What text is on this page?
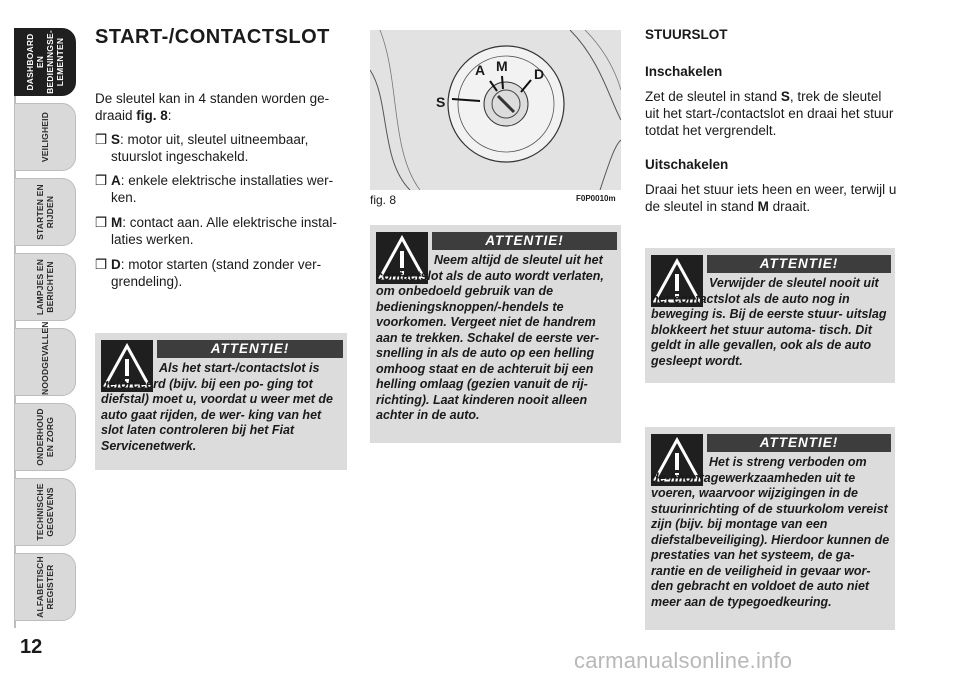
DASHBOARD EN BEDIENINGSE- LEMENTEN
VEILIGHEID
STARTEN EN RIJDEN
LAMPJES EN BERICHTEN
NOODGEVALLEN
ONDERHOUD EN ZORG
TECHNISCHE GEGEVENS
ALFABETISCH REGISTER
12
START-/CONTACTSLOT
De sleutel kan in 4 standen worden ge- draaid fig. 8:
❒ S: motor uit, sleutel uitneembaar, stuurslot ingeschakeld.
❒ A: enkele elektrische installaties wer- ken.
❒ M: contact aan. Alle elektrische instal- laties werken.
❒ D: motor starten (stand zonder ver- grendeling).
ATTENTIE!
Als het start-/contactslot is geforceerd (bijv. bij een po- ging tot diefstal) moet u, voordat u weer met de auto gaat rijden, de wer- king van het slot laten controleren bij het Fiat Servicenetwerk.
S
A M D
fig. 8	F0P0010m
ATTENTIE!
Neem altijd de sleutel uit het contactslot als de auto wordt verlaten, om onbedoeld gebruik van de bedieningsknoppen/-hendels te voorkomen. Vergeet niet de handrem aan te trekken. Schakel de eerste ver- snelling in als de auto op een helling omhoog staat en de achteruit bij een helling omlaag (gezien vanuit de rij- richting). Laat kinderen nooit alleen achter in de auto.
STUURSLOT
Inschakelen
Zet de sleutel in stand S, trek de sleutel uit het start-/contactslot en draai het stuur totdat het vergrendelt.
Uitschakelen
Draai het stuur iets heen en weer, terwijl u de sleutel in stand M draait.
ATTENTIE!
Verwijder de sleutel nooit uit het contactslot als de auto nog in beweging is. Bij de eerste stuur- uitslag blokkeert het stuur automa- tisch. Dit geldt in alle gevallen, ook als de auto gesleept wordt.
ATTENTIE!
Het is streng verboden om de-/montagewerkzaamheden uit te voeren, waarvoor wijzigingen in de stuurinrichting of de stuurkolom vereist zijn (bijv. bij montage van een diefstalbeveiliging). Hierdoor kunnen de prestaties van het systeem, de ga- rantie en de veiligheid in gevaar wor- den gebracht en voldoet de auto niet meer aan de typegoedkeuring.
carmanualsonline.info
